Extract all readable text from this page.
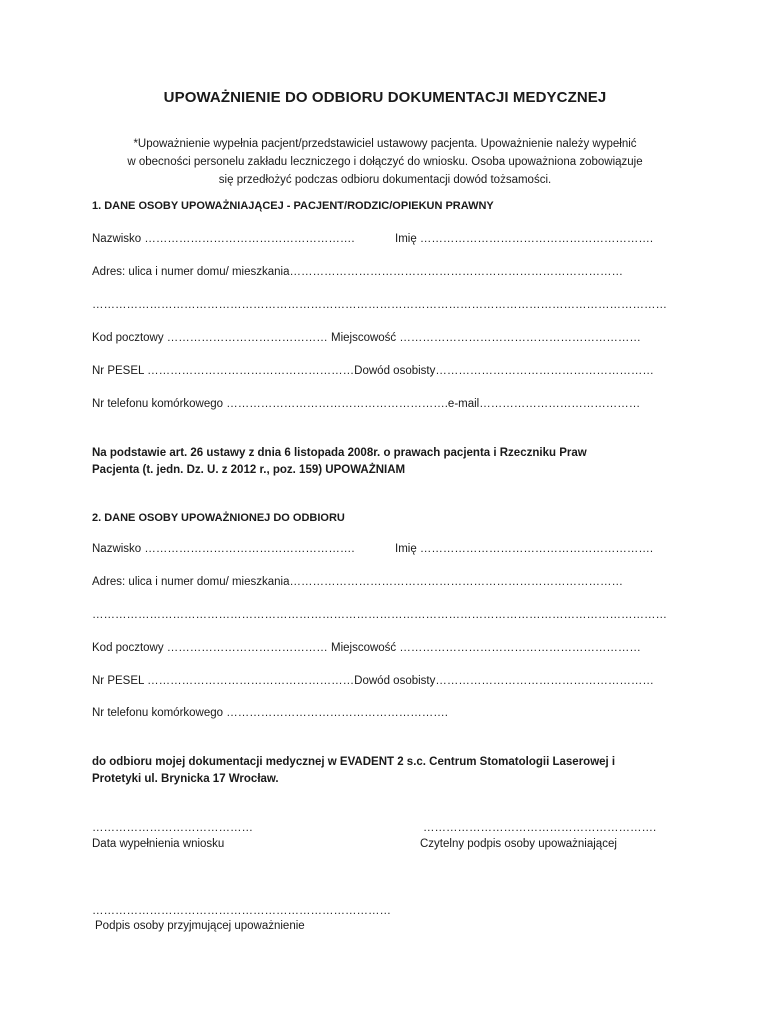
UPOWAŻNIENIE DO ODBIORU DOKUMENTACJI MEDYCZNEJ
*Upoważnienie wypełnia pacjent/przedstawiciel ustawowy pacjenta. Upoważnienie należy wypełnić
w obecności personelu zakładu leczniczego i dołączyć do wniosku. Osoba upoważniona zobowiązuje
się przedłożyć podczas odbioru dokumentacji dowód tożsamości.
1. DANE OSOBY UPOWAŻNIAJĄCEJ - PACJENT/RODZIC/OPIEKUN PRAWNY
Nazwisko ……………………………………………….	Imię …………………………………………………….
Adres: ulica i numer domu/ mieszkania……………………………………………………………………………
……………………………………………………………………………………………………………………………………
Kod pocztowy …………………………………… Miejscowość ………………………………………………………
Nr PESEL ………………………………………………Dowód osobisty…………………………………………………
Nr telefonu komórkowego ………………………………………………….e-mail……………………………………
Na podstawie art. 26 ustawy z dnia 6 listopada 2008r. o prawach pacjenta i Rzeczniku Praw
Pacjenta (t. jedn. Dz. U. z 2012 r., poz. 159) UPOWAŻNIAM
2. DANE OSOBY UPOWAŻNIONEJ DO ODBIORU
Nazwisko ……………………………………………….	Imię …………………………………………………….
Adres: ulica i numer domu/ mieszkania……………………………………………………………………………
……………………………………………………………………………………………………………………………………
Kod pocztowy …………………………………… Miejscowość ………………………………………………………
Nr PESEL ………………………………………………Dowód osobisty…………………………………………………
Nr telefonu komórkowego ………………………………………………….
do odbioru mojej dokumentacji medycznej w EVADENT 2 s.c. Centrum Stomatologii Laserowej i
Protetyki ul. Brynicka 17 Wrocław.
……………………………………
Data wypełnienia wniosku
…………………………………………………….
Czytelny podpis osoby upoważniającej
……………………………………………………………………
Podpis osoby przyjmującej upoważnienie
